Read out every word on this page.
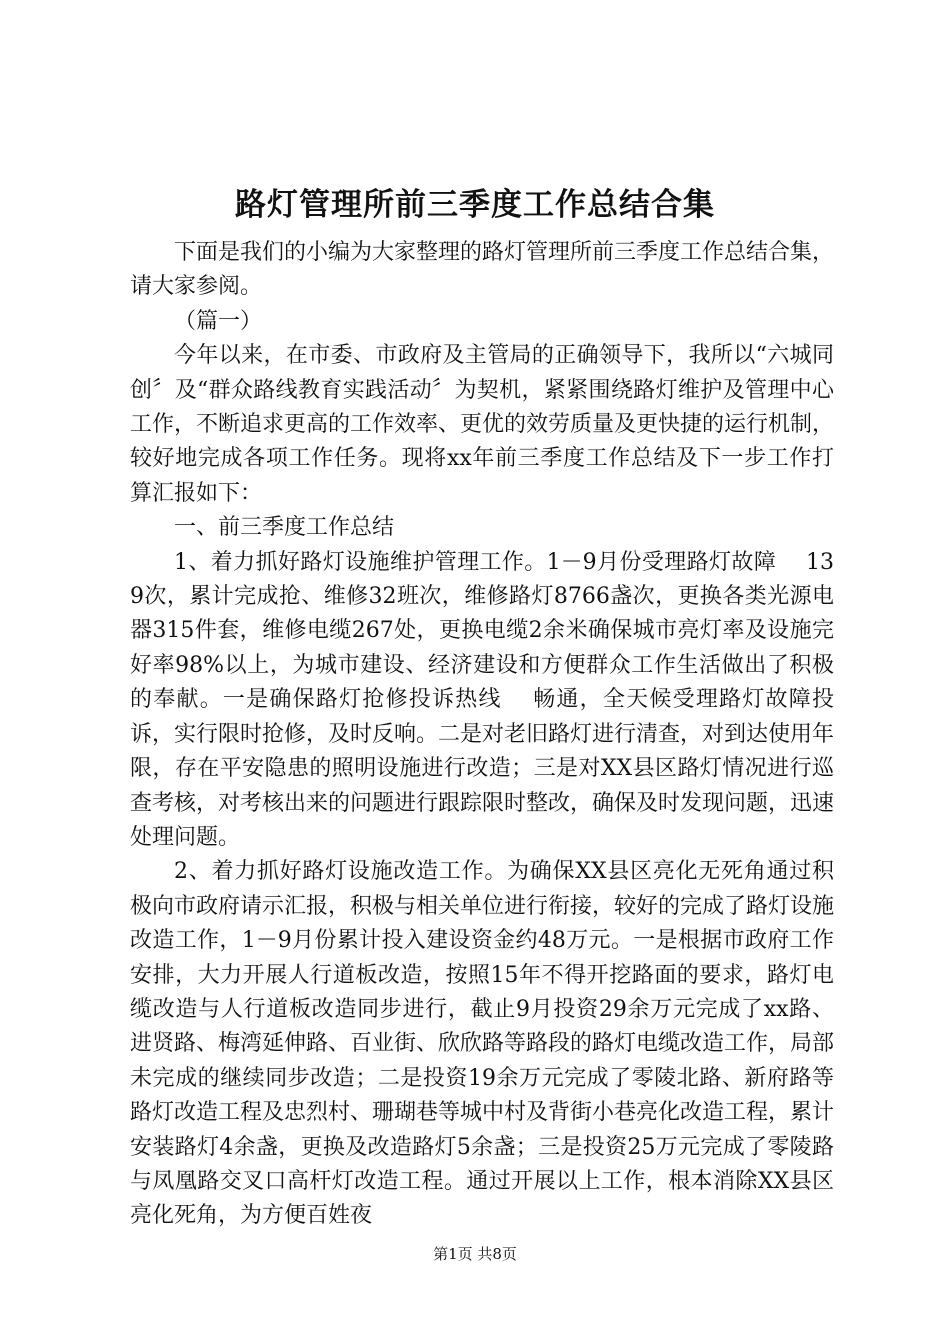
路灯管理所前三季度工作总结合集

下面是我们的小编为大家整理的路灯管理所前三季度工作总结合集，请大家参阅。

（篇一）

今年以来，在市委、市政府及主管局的正确领导下，我所以“六城同创〞及“群众路线教育实践活动〞为契机，紧紧围绕路灯维护及管理中心工作，不断追求更高的工作效率、更优的效劳质量及更快捷的运行机制，较好地完成各项工作任务。现将xx年前三季度工作总结及下一步工作打算汇报如下：

一、前三季度工作总结

1、着力抓好路灯设施维护管理工作。1－9月份受理路灯故障　 139次，累计完成抢、维修32班次，维修路灯8766盏次，更换各类光源电器315件套，维修电缆267处，更换电缆2余米确保城市亮灯率及设施完好率98%以上，为城市建设、经济建设和方便群众工作生活做出了积极的奉献。一是确保路灯抢修投诉热线　 畅通，全天候受理路灯故障投诉，实行限时抢修，及时反响。二是对老旧路灯进行清查，对到达使用年限，存在平安隐患的照明设施进行改造；三是对XX县区路灯情况进行巡查考核，对考核出来的问题进行跟踪限时整改，确保及时发现问题，迅速处理问题。

2、着力抓好路灯设施改造工作。为确保XX县区亮化无死角通过积极向市政府请示汇报，积极与相关单位进行衔接，较好的完成了路灯设施改造工作，1－9月份累计投入建设资金约48万元。一是根据市政府工作安排，大力开展人行道板改造，按照15年不得开挖路面的要求，路灯电缆改造与人行道板改造同步进行，截止9月投资29余万元完成了xx路、进贤路、梅湾延伸路、百业街、欣欣路等路段的路灯电缆改造工作，局部未完成的继续同步改造；二是投资19余万元完成了零陵北路、新府路等路灯改造工程及忠烈村、珊瑚巷等城中村及背街小巷亮化改造工程，累计安装路灯4余盏，更换及改造路灯5余盏；三是投资25万元完成了零陵路与凤凰路交叉口高杆灯改造工程。通过开展以上工作，根本消除XX县区亮化死角，为方便百姓夜

第1页 共8页
